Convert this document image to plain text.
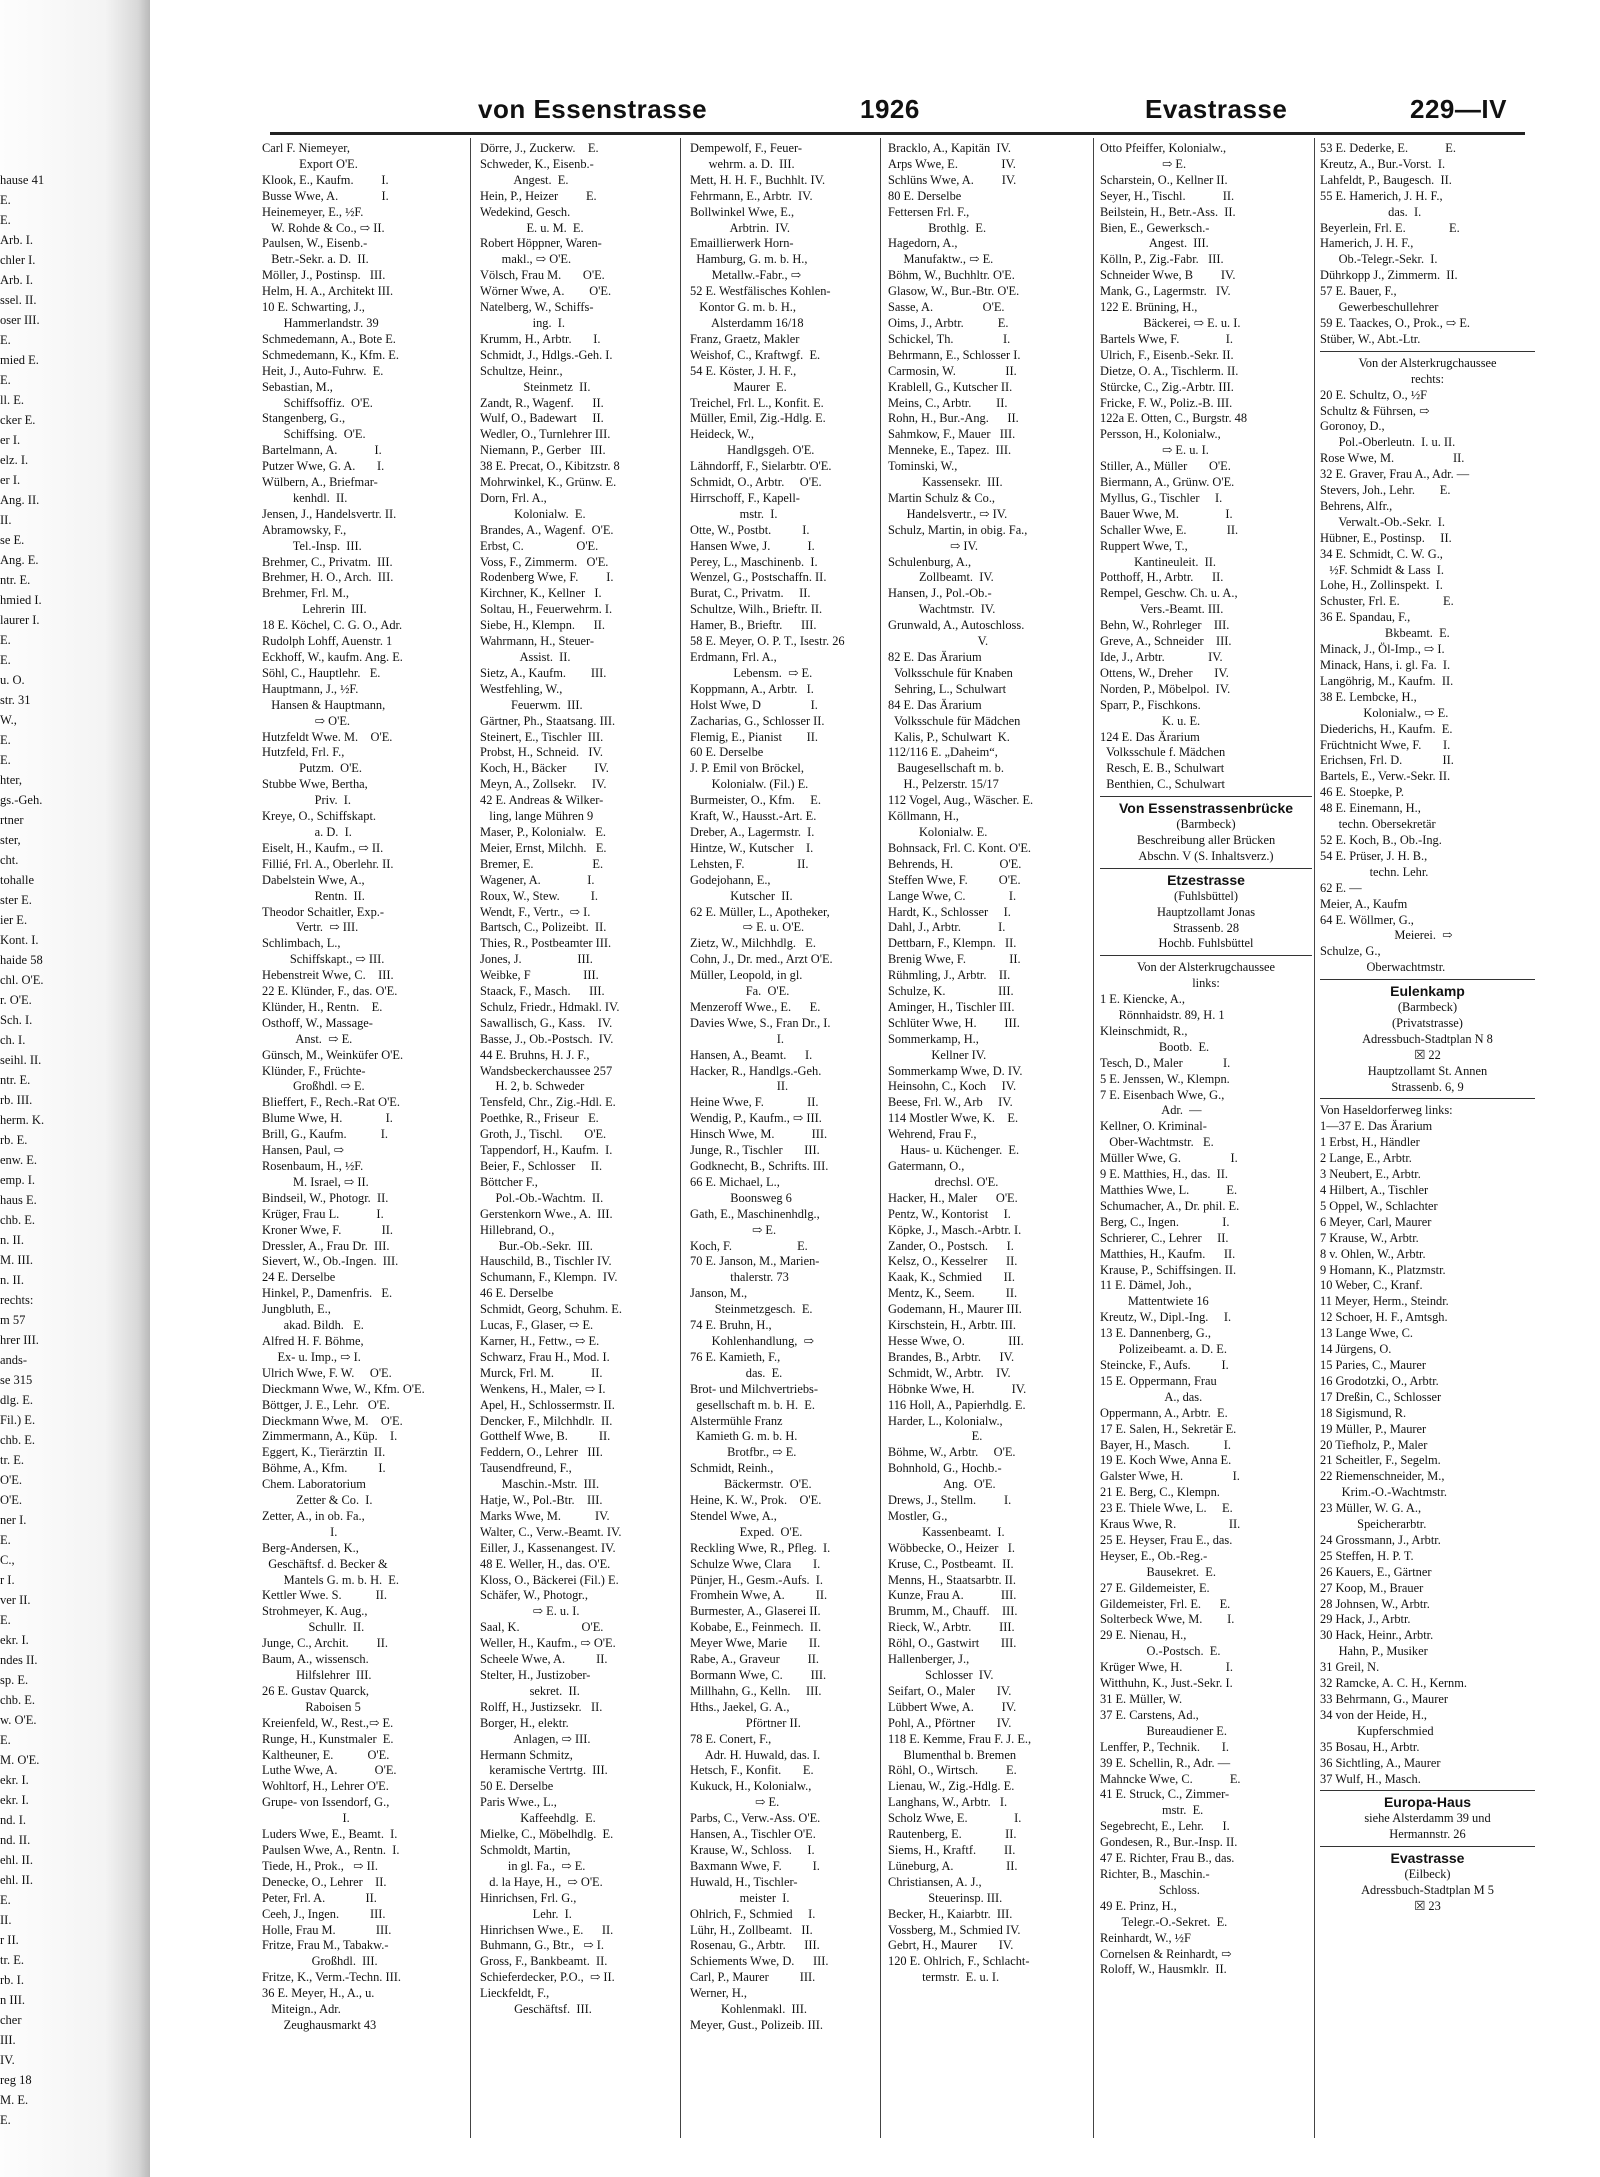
hause 41
E.
E.
Arb. I.
chler I.
Arb. I.
ssel. II.
oser III.
E.
mied E.
E.
ll. E.
cker E.
er I.
elz. I.
er I.
Ang. II.
II.
se E.
Ang. E.
ntr. E.
hmied I.
laurer I.
E.
E.
u. O.
str. 31
W.,
E.
E.
hter,
gs.-Geh.
rtner
ster,
cht.
tohalle
ster E.
ier E.
Kont. I.
haide 58
chl. O'E.
r. O'E.
Sch. I.
ch. I.
seihl. II.
ntr. E.
rb. III.
herm. K.
rb. E.
enw. E.
emp. I.
haus E.
chb. E.
n. II.
M. III.
n. II.
rechts:
m 57
hrer III.
ands-
se 315
dlg. E.
Fil.) E.
chb. E.
tr. E.
O'E.
O'E.
ner I.
E.
C.,
r I.
ver II.
E.
ekr. I.
ndes II.
sp. E.
chb. E.
w. O'E.
E.
M. O'E.
ekr. I.
ekr. I.
nd. I.
nd. II.
ehl. II.
ehl. II.
E.
II.
r II.
tr. E.
rb. I.
n III.
cher
III.
IV.
reg 18
M. E.
E.
von Essenstrasse	1926	Evastrasse	229—IV
Carl F. Niemeyer,
Export O'E.
Klook, E., Kaufm.         I.
Busse Wwe, A.              I.
Heinemeyer, E., ½F.
W. Rohde & Co., ⇨ II.
Paulsen, W., Eisenb.-
Betr.-Sekr. a. D.  II.
Möller, J., Postinsp.   III.
Helm, H. A., Architekt III.
10 E. Schwarting, J.,
Hammerlandstr. 39
Schmedemann, A., Bote E.
Schmedemann, K., Kfm. E.
Heit, J., Auto-Fuhrw.  E.
Sebastian, M.,
Schiffsoffiz.  O'E.
Stangenberg, G.,
Schiffsing.  O'E.
Bartelmann, A.            I.
Putzer Wwe, G. A.       I.
Wülbern, A., Briefmar-
kenhdl.  II.
Jensen, J., Handelsvertr. II.
Abramowsky, F.,
Tel.-Insp.  III.
Brehmer, C., Privatm.  III.
Brehmer, H. O., Arch.  III.
Brehmer, Frl. M.,
Lehrerin  III.
18 E. Köchel, C. G. O., Adr.
Rudolph Lohff, Auenstr. 1
Eckhoff, W., kaufm. Ang. E.
Söhl, C., Hauptlehr.   E.
Hauptmann, J., ½F.
Hansen & Hauptmann,
⇨ O'E.
Hutzfeldt Wwe. M.    O'E.
Hutzfeld, Frl. F.,
Putzm.  O'E.
Stubbe Wwe, Bertha,
Priv.  I.
Kreye, O., Schiffskapt.
a. D.  I.
Eiselt, H., Kaufm., ⇨ II.
Fillié, Frl. A., Oberlehr. II.
Dabelstein Wwe, A.,
Rentn.  II.
Theodor Schaitler, Exp.-
Vertr.  ⇨ III.
Schlimbach, L.,
Schiffskapt., ⇨ III.
Hebenstreit Wwe, C.    III.
22 E. Klünder, F., das. O'E.
Klünder, H., Rentn.    E.
Osthoff, W., Massage-
Anst.  ⇨ E.
Günsch, M., Weinküfer O'E.
Klünder, F., Früchte-
Großhdl. ⇨ E.
Blieffert, F., Rech.-Rat O'E.
Blume Wwe, H.              I.
Brill, G., Kaufm.           I.
Hansen, Paul, ⇨
Rosenbaum, H., ½F.
M. Israel, ⇨ II.
Bindseil, W., Photogr.  II.
Krüger, Frau L.            I.
Kroner Wwe, F.             II.
Dressler, A., Frau Dr.  III.
Sievert, W., Ob.-Ingen.  III.
24 E. Derselbe
Hinkel, P., Damenfris.   E.
Jungbluth, E.,
akad. Bildh.   E.
Alfred H. F. Böhme,
Ex- u. Imp., ⇨ I.
Ulrich Wwe, F. W.     O'E.
Dieckmann Wwe, W., Kfm. O'E.
Böttger, J. E., Lehr.   O'E.
Dieckmann Wwe, M.    O'E.
Zimmermann, A., Küp.    I.
Eggert, K., Tierärztin  II.
Böhme, A., Kfm.          I.
Chem. Laboratorium
Zetter & Co.  I.
Zetter, A., in ob. Fa.,
I.
Berg-Andersen, K.,
Geschäftsf. d. Becker &
Mantels G. m. b. H.  E.
Kettler Wwe. S.           II.
Strohmeyer, K. Aug.,
Schullr.  II.
Junge, C., Archit.         II.
Baum, A., wissensch.
Hilfslehrer  III.
26 E. Gustav Quarck,
Raboisen 5
Kreienfeld, W., Rest.,⇨ E.
Runge, H., Kunstmaler  E.
Kaltheuner, E.           O'E.
Luthe Wwe, A.            O'E.
Wohltorf, H., Lehrer O'E.
Grupe- von Issendorf, G.,
I.
Luders Wwe, E., Beamt.  I.
Paulsen Wwe, A., Rentn.  I.
Tiede, H., Prok.,   ⇨ II.
Denecke, O., Lehrer    II.
Peter, Frl. A.             II.
Ceeh, J., Ingen.          III.
Holle, Frau M.             III.
Fritze, Frau M., Tabakw.-
Großhdl.  III.
Fritze, K., Verm.-Techn. III.
36 E. Meyer, H., A., u.
Miteign., Adr.
Zeughausmarkt 43
Dörre, J., Zuckerw.    E.
Schweder, K., Eisenb.-
Angest.  E.
Hein, P., Heizer         E.
Wedekind, Gesch.
E. u. M.  E.
Robert Höppner, Waren-
makl., ⇨ O'E.
Völsch, Frau M.       O'E.
Wörner Wwe, A.        O'E.
Natelberg, W., Schiffs-
ing.  I.
Krumm, H., Arbtr.       I.
Schmidt, J., Hdlgs.-Geh. I.
Schultze, Heinr.,
Steinmetz  II.
Zandt, R., Wagenf.      II.
Wulf, O., Badewart     II.
Wedler, O., Turnlehrer III.
Niemann, P., Gerber   III.
38 E. Precat, O., Kibitzstr. 8
Mohrwinkel, K., Grünw. E.
Dorn, Frl. A.,
Kolonialw.  E.
Brandes, A., Wagenf.  O'E.
Erbst, C.                 O'E.
Voss, F., Zimmerm.   O'E.
Rodenberg Wwe, F.         I.
Kirchner, K., Kellner   I.
Soltau, H., Feuerwehrm. I.
Siebe, H., Klempn.      II.
Wahrmann, H., Steuer-
Assist.  II.
Sietz, A., Kaufm.        III.
Westfehling, W.,
Feuerwm.  III.
Gärtner, Ph., Staatsang. III.
Steinert, E., Tischler  III.
Probst, H., Schneid.   IV.
Koch, H., Bäcker         IV.
Meyn, A., Zollsekr.     IV.
42 E. Andreas & Wilker-
ling, lange Mühren 9
Maser, P., Kolonialw.   E.
Meier, Ernst, Milchh.   E.
Bremer, E.                   E.
Wagener, A.               I.
Roux, W., Stew.          I.
Wendt, F., Vertr.,  ⇨ I.
Bartsch, C., Polizeibt.  II.
Thies, R., Postbeamter III.
Jones, J.                  III.
Weibke, F                 III.
Staack, F., Masch.      III.
Schulz, Friedr., Hdmakl. IV.
Sawallisch, G., Kass.    IV.
Basse, J., Ob.-Postsch.  IV.
44 E. Bruhns, H. J. F.,
Wandsbeckerchaussee 257
H. 2, b. Schweder
Tensfeld, Chr., Zig.-Hdl. E.
Poethke, R., Friseur   E.
Groth, J., Tischl.       O'E.
Tappendorf, H., Kaufm.  I.
Beier, F., Schlosser     II.
Böttcher F.,
Pol.-Ob.-Wachtm.  II.
Gerstenkorn Wwe., A.  III.
Hillebrand, O.,
Bur.-Ob.-Sekr.  III.
Hauschild, B., Tischler IV.
Schumann, F., Klempn.  IV.
46 E. Derselbe
Schmidt, Georg, Schuhm. E.
Lucas, F., Glaser, ⇨ E.
Karner, H., Fettw., ⇨ E.
Schwarz, Frau H., Mod. I.
Murck, Frl. M.            II.
Wenkens, H., Maler, ⇨ I.
Apel, H., Schlossermstr. II.
Dencker, F., Milchhdlr.  II.
Gotthelf Wwe, B.          II.
Feddern, O., Lehrer   III.
Tausendfreund, F.,
Maschin.-Mstr.  III.
Hatje, W., Pol.-Btr.    III.
Marks Wwe, M.           IV.
Walter, C., Verw.-Beamt. IV.
Eiller, J., Kassenangest. IV.
48 E. Weller, H., das. O'E.
Kloss, O., Bäckerei (Fil.) E.
Schäfer, W., Photogr.,
⇨ E. u. I.
Saal, K.                    O'E.
Weller, H., Kaufm., ⇨ O'E.
Scheele Wwe, A.          II.
Stelter, H., Justizober-
sekret.  II.
Rolff, H., Justizsekr.   II.
Borger, H., elektr.
Anlagen, ⇨ III.
Hermann Schmitz,
keramische Vertrtg.  III.
50 E. Derselbe
Paris Wwe., L.,
Kaffeehdlg.  E.
Mielke, C., Möbelhdlg.  E.
Schmoldt, Martin,
in gl. Fa.,  ⇨ E.
d. la Haye, H.,  ⇨ O'E.
Hinrichsen, Frl. G.,
Lehr.  I.
Hinrichsen Wwe., E.      II.
Buhmann, G., Btr.,   ⇨ I.
Gross, F., Bankbeamt.  II.
Schieferdecker, P.O.,  ⇨ II.
Lieckfeldt, F.,
Geschäftsf.  III.
Dempewolf, F., Feuer-
wehrm. a. D.  III.
Mett, H. H. F., Buchhlt. IV.
Fehrmann, E., Arbtr.  IV.
Bollwinkel Wwe, E.,
Arbtrin.  IV.
Emaillierwerk Horn-
Hamburg, G. m. b. H.,
Metallw.-Fabr., ⇨
52 E. Westfälisches Kohlen-
Kontor G. m. b. H.,
Alsterdamm 16/18
Franz, Graetz, Makler
Weishof, C., Kraftwgf.  E.
54 E. Köster, J. H. F.,
Maurer  E.
Treichel, Frl. L., Konfit. E.
Müller, Emil, Zig.-Hdlg. E.
Heideck, W.,
Handlgsgeh. O'E.
Lähndorff, F., Sielarbtr. O'E.
Schmidt, O., Arbtr.     O'E.
Hirrschoff, F., Kapell-
mstr.  I.
Otte, W., Postbt.          I.
Hansen Wwe, J.            I.
Perey, L., Maschinenb.  I.
Wenzel, G., Postschaffn. II.
Burat, C., Privatm.     II.
Schultze, Wilh., Brieftr. II.
Hamer, B., Brieftr.      III.
58 E. Meyer, O. P. T., Isestr. 26
Erdmann, Frl. A.,
Lebensm.  ⇨ E.
Koppmann, A., Arbtr.   I.
Holst Wwe, D                I.
Zacharias, G., Schlosser II.
Flemig, E., Pianist        II.
60 E. Derselbe
J. P. Emil von Bröckel,
Kolonialw. (Fil.) E.
Burmeister, O., Kfm.     E.
Kraft, W., Hausst.-Art. E.
Dreber, A., Lagermstr.  I.
Hintze, W., Kutscher    I.
Lehsten, F.                 II.
Godejohann, E.,
Kutscher  II.
62 E. Müller, L., Apotheker,
⇨ E. u. O'E.
Zietz, W., Milchhdlg.   E.
Cohn, J., Dr. med., Arzt O'E.
Müller, Leopold, in gl.
Fa.  O'E.
Menzeroff Wwe., E.      E.
Davies Wwe, S., Fran Dr., I.
I.
Hansen, A., Beamt.      I.
Hacker, R., Handlgs.-Geh.
II.
Heine Wwe, F.              II.
Wendig, P., Kaufm., ⇨ III.
Hinsch Wwe, M.            III.
Junge, R., Tischler       III.
Godknecht, B., Schrifts. III.
66 E. Michael, L.,
Boonsweg 6
Gath, E., Maschinenhdlg.,
⇨ E.
Koch, F.                     E.
70 E. Janson, M., Marien-
thalerstr. 73
Janson, M.,
Steinmetzgesch.  E.
74 E. Bruhn, H.,
Kohlenhandlung,  ⇨
76 E. Kamieth, F.,
das.  E.
Brot- und Milchvertriebs-
gesellschaft m. b. H.  E.
Alstermühle Franz
Kamieth G. m. b. H.
Brotfbr., ⇨ E.
Schmidt, Reinh.,
Bäckermstr.  O'E.
Heine, K. W., Prok.    O'E.
Stendel Wwe, A.,
Exped.  O'E.
Reckling Wwe, R., Pfleg.  I.
Schulze Wwe, Clara       I.
Pünjer, H., Gesm.-Aufs.  I.
Fromhein Wwe, A.          II.
Burmester, A., Glaserei II.
Kobabe, E., Feinmech.  II.
Meyer Wwe, Marie       II.
Rabe, A., Graveur         II.
Bormann Wwe, C.         III.
Millhahn, G., Kelln.     III.
Hths., Jaekel, G. A.,
Pförtner II.
78 E. Conert, F.,
Adr. H. Huwald, das. I.
Hetsch, F., Konfit.       E.
Kukuck, H., Kolonialw.,
⇨ E.
Parbs, C., Verw.-Ass. O'E.
Hansen, A., Tischler O'E.
Krause, W., Schloss.     I.
Baxmann Wwe, F.          I.
Huwald, H., Tischler-
meister  I.
Ohlrich, F., Schmied     I.
Lühr, H., Zollbeamt.   II.
Rosenau, G., Arbtr.      III.
Schiements Wwe, D.      III.
Carl, P., Maurer          III.
Werner, H.,
Kohlenmakl.  III.
Meyer, Gust., Polizeib. III.
Bracklo, A., Kapitän  IV.
Arps Wwe, E.              IV.
Schlüns Wwe, A.         IV.
80 E. Derselbe
Fettersen Frl. F.,
Brothlg.  E.
Hagedorn, A.,
Manufaktw., ⇨ E.
Böhm, W., Buchhltr. O'E.
Glasow, W., Bur.-Btr. O'E.
Sasse, A.                O'E.
Oims, J., Arbtr.           E.
Schickel, Th.                I.
Behrmann, E., Schlosser I.
Carmosin, W.                II.
Krablell, G., Kutscher II.
Meins, C., Arbtr.        II.
Rohn, H., Bur.-Ang.      II.
Sahmkow, F., Mauer   III.
Menneke, E., Tapez.  III.
Tominski, W.,
Kassensekr.  III.
Martin Schulz & Co.,
Handelsvertr., ⇨ IV.
Schulz, Martin, in obig. Fa.,
⇨ IV.
Schulenburg, A.,
Zollbeamt.  IV.
Hansen, J., Pol.-Ob.-
Wachtmstr.  IV.
Grunwald, A., Autoschloss.
V.
82 E. Das Ärarium
Volksschule für Knaben
Sehring, L., Schulwart
84 E. Das Ärarium
Volksschule für Mädchen
Kalis, P., Schulwart  K.
112/116 E. „Daheim“,
Baugesellschaft m. b.
H., Pelzerstr. 15/17
112 Vogel, Aug., Wäscher. E.
Köllmann, H.,
Kolonialw. E.
Bohnsack, Frl. C. Kont. O'E.
Behrends, H.               O'E.
Steffen Wwe, F.          O'E.
Lange Wwe, C.              I.
Hardt, K., Schlosser     I.
Dahl, J., Arbtr.            I.
Dettbarn, F., Klempn.   II.
Brenig Wwe, F.              II.
Rühmling, J., Arbtr.    II.
Schulze, K.                 III.
Aminger, H., Tischler III.
Schlüter Wwe, H.         III.
Sommerkamp, H.,
Kellner IV.
Sommerkamp Wwe, D. IV.
Heinsohn, C., Koch     IV.
Beese, Frl. W., Arb     IV.
114 Mostler Wwe, K.    E.
Wehrend, Frau F.,
Haus- u. Küchenger.  E.
Gatermann, O.,
drechsl. O'E.
Hacker, H., Maler      O'E.
Pentz, W., Kontorist     I.
Köpke, J., Masch.-Arbtr. I.
Zander, O., Postsch.      I.
Kelsz, O., Kesselrer      II.
Kaak, K., Schmied       II.
Mentz, K., Seem.          II.
Godemann, H., Maurer III.
Kirschstein, H., Arbtr. III.
Hesse Wwe, O.              III.
Brandes, B., Arbtr.      IV.
Schmidt, W., Arbtr.    IV.
Höbnke Wwe, H.            IV.
116 Holl, A., Papierhdlg. E.
Harder, L., Kolonialw.,
E.
Böhme, W., Arbtr.     O'E.
Bohnhold, G., Hochb.-
Ang.  O'E.
Drews, J., Stellm.         I.
Mostler, G.,
Kassenbeamt.  I.
Wöbbecke, O., Heizer   I.
Kruse, C., Postbeamt.  II.
Menns, H., Staatsarbtr. II.
Kunze, Frau A.            III.
Brumm, M., Chauff.    III.
Rieck, W., Arbtr.         III.
Röhl, O., Gastwirt       III.
Hallenberger, J.,
Schlosser  IV.
Seifart, O., Maler       IV.
Lübbert Wwe, A.         IV.
Pohl, A., Pförtner       IV.
118 E. Kemme, Frau F. J. E.,
Blumenthal b. Bremen
Röhl, O., Wirtsch.         E.
Lienau, W., Zig.-Hdlg. E.
Langhans, W., Arbtr.   I.
Scholz Wwe, E.               I.
Rautenberg, E.              II.
Siems, H., Kraftf.         II.
Lüneburg, A.                 II.
Christiansen, A. J.,
Steuerinsp. III.
Becker, H., Kaiarbtr.  III.
Vossberg, M., Schmied IV.
Gebrt, H., Maurer       IV.
120 E. Ohlrich, F., Schlacht-
termstr.  E. u. I.
Otto Pfeiffer, Kolonialw.,
⇨ E.
Scharstein, O., Kellner II.
Seyer, H., Tischl.            II.
Beilstein, H., Betr.-Ass.  II.
Bien, E., Gewerksch.-
Angest.  III.
Kölln, P., Zig.-Fabr.   III.
Schneider Wwe, B         IV.
Mank, G., Lagermstr.   IV.
122 E. Brüning, H.,
Bäckerei, ⇨ E. u. I.
Bartels Wwe, F.               I.
Ulrich, F., Eisenb.-Sekr. II.
Dietze, O. A., Tischlerm. II.
Stürcke, C., Zig.-Arbtr. III.
Fricke, F. W., Poliz.-B. III.
122a E. Otten, C., Burgstr. 48
Persson, H., Kolonialw.,
⇨ E. u. I.
Stiller, A., Müller       O'E.
Biermann, A., Grünw. O'E.
Myllus, G., Tischler     I.
Bauer Wwe, M.               I.
Schaller Wwe, E.             II.
Ruppert Wwe, T.,
Kantineuleit.  II.
Potthoff, H., Arbtr.      II.
Rempel, Geschw. Ch. u. A.,
Vers.-Beamt. III.
Behn, W., Rohrleger    III.
Greve, A., Schneider    III.
Ide, J., Arbtr.              IV.
Ottens, W., Dreher       IV.
Norden, P., Möbelpol.  IV.
Sparr, P., Fischkons.
K. u. E.
124 E. Das Ärarium
Volksschule f. Mädchen
Resch, E. B., Schulwart
Benthien, C., Schulwart
Von Essenstrassenbrücke
(Barmbeck)
Beschreibung aller Brücken
Abschn. V (S. Inhaltsverz.)
Etzestrasse
(Fuhlsbüttel)
Hauptzollamt Jonas
Strassenb. 28
Hochb. Fuhlsbüttel
Von der Alsterkrugchaussee
links:
1 E. Kiencke, A.,
Rönnhaidstr. 89, H. 1
Kleinschmidt, R.,
Bootb.  E.
Tesch, D., Maler             I.
5 E. Jenssen, W., Klempn.
7 E. Eisenbach Wwe, G.,
Adr.  —
Kellner, O. Kriminal-
Ober-Wachtmstr.   E.
Müller Wwe, G.                I.
9 E. Matthies, H., das.  II.
Matthies Wwe, L.            E.
Schumacher, A., Dr. phil. E.
Berg, C., Ingen.              I.
Schrierer, C., Lehrer     II.
Matthies, H., Kaufm.      II.
Krause, P., Schiffsingen. II.
11 E. Dämel, Joh.,
Mattentwiete 16
Kreutz, W., Dipl.-Ing.     I.
13 E. Dannenberg, G.,
Polizeibeamt. a. D. E.
Steincke, F., Aufs.          I.
15 E. Oppermann, Frau
A., das.
Oppermann, A., Arbtr.  E.
17 E. Salen, H., Sekretär E.
Bayer, H., Masch.           I.
19 E. Koch Wwe, Anna E.
Galster Wwe, H.                I.
21 E. Berg, C., Klempn.
23 E. Thiele Wwe, L.     E.
Kraus Wwe, R.                 II.
25 E. Heyser, Frau E., das.
Heyser, E., Ob.-Reg.-
Bausekret.  E.
27 E. Gildemeister, E.
Gildemeister, Frl. E.      E.
Solterbeck Wwe, M.        I.
29 E. Nienau, H.,
O.-Postsch.  E.
Krüger Wwe, H.              I.
Witthuhn, K., Just.-Sekr. I.
31 E. Müller, W.
37 E. Carstens, Ad.,
Bureaudiener E.
Lenffer, P., Technik.       I.
39 E. Schellin, R., Adr. —
Mahncke Wwe, C.            E.
41 E. Struck, C., Zimmer-
mstr.  E.
Segebrecht, E., Lehr.      I.
Gondesen, R., Bur.-Insp. II.
47 E. Richter, Frau B., das.
Richter, B., Maschin.-
Schloss.
49 E. Prinz, H.,
Telegr.-O.-Sekret.  E.
Reinhardt, W., ½F
Cornelsen & Reinhardt, ⇨
Roloff, W., Hausmklr.  II.
53 E. Dederke, E.            E.
Kreutz, A., Bur.-Vorst.  I.
Lahfeldt, P., Baugesch.  II.
55 E. Hamerich, J. H. F.,
das.  I.
Beyerlein, Frl. E.              E.
Hamerich, J. H. F.,
Ob.-Telegr.-Sekr.  I.
Dührkopp J., Zimmerm.  II.
57 E. Bauer, F.,
Gewerbeschullehrer
59 E. Taackes, O., Prok., ⇨ E.
Stüber, W., Abt.-Ltr.
Von der Alsterkrugchaussee
rechts:
20 E. Schultz, O., ½F
Schultz & Führsen, ⇨
Goronoy, D.,
Pol.-Oberleutn.  I. u. II.
Rose Wwe, M.                   II.
32 E. Graver, Frau A., Adr. —
Stevers, Joh., Lehr.        E.
Behrens, Alfr.,
Verwalt.-Ob.-Sekr.  I.
Hübner, E., Postinsp.     II.
34 E. Schmidt, C. W. G.,
½F. Schmidt & Lass  I.
Lohe, H., Zollinspekt.  I.
Schuster, Frl. E.              E.
36 E. Spandau, F.,
Bkbeamt.  E.
Minack, J., Öl-Imp., ⇨ I.
Minack, Hans, i. gl. Fa.  I.
Langöhrig, M., Kaufm.  II.
38 E. Lembcke, H.,
Kolonialw., ⇨ E.
Diederichs, H., Kaufm.  E.
Früchtnicht Wwe, F.       I.
Erichsen, Frl. D.             II.
Bartels, E., Verw.-Sekr. II.
46 E. Stoepke, P.
48 E. Einemann, H.,
techn. Obersekretär
52 E. Koch, B., Ob.-Ing.
54 E. Prüser, J. H. B.,
techn. Lehr.
62 E. —
Meier, A., Kaufm
64 E. Wöllmer, G.,
Meierei.  ⇨
Schulze, G.,
Oberwachtmstr.
Eulenkamp
(Barmbeck)
(Privatstrasse)
Adressbuch-Stadtplan N 8
☒ 22
Hauptzollamt St. Annen
Strassenb. 6, 9
Von Haseldorferweg links:
1—37 E. Das Ärarium
1 Erbst, H., Händler
2 Lange, E., Arbtr.
3 Neubert, E., Arbtr.
4 Hilbert, A., Tischler
5 Oppel, W., Schlachter
6 Meyer, Carl, Maurer
7 Krause, W., Arbtr.
8 v. Ohlen, W., Arbtr.
9 Homann, K., Platzmstr.
10 Weber, C., Kranf.
11 Meyer, Herm., Steindr.
12 Schoer, H. F., Amtsgh.
13 Lange Wwe, C.
14 Jürgens, O.
15 Paries, C., Maurer
16 Grodotzki, O., Arbtr.
17 Dreßin, C., Schlosser
18 Sigismund, R.
19 Müller, P., Maurer
20 Tiefholz, P., Maler
21 Scheitler, F., Segelm.
22 Riemenschneider, M.,
Krim.-O.-Wachtmstr.
23 Müller, W. G. A.,
Speicherarbtr.
24 Grossmann, J., Arbtr.
25 Steffen, H. P. T.
26 Kauers, E., Gärtner
27 Koop, M., Brauer
28 Johnsen, W., Arbtr.
29 Hack, J., Arbtr.
30 Hack, Heinr., Arbtr.
Hahn, P., Musiker
31 Greil, N.
32 Ramcke, A. C. H., Kernm.
33 Behrmann, G., Maurer
34 von der Heide, H.,
Kupferschmied
35 Bosau, H., Arbtr.
36 Sichtling, A., Maurer
37 Wulf, H., Masch.
Europa-Haus
siehe Alsterdamm 39 und
Hermannstr. 26
Evastrasse
(Eilbeck)
Adressbuch-Stadtplan M 5
☒ 23
